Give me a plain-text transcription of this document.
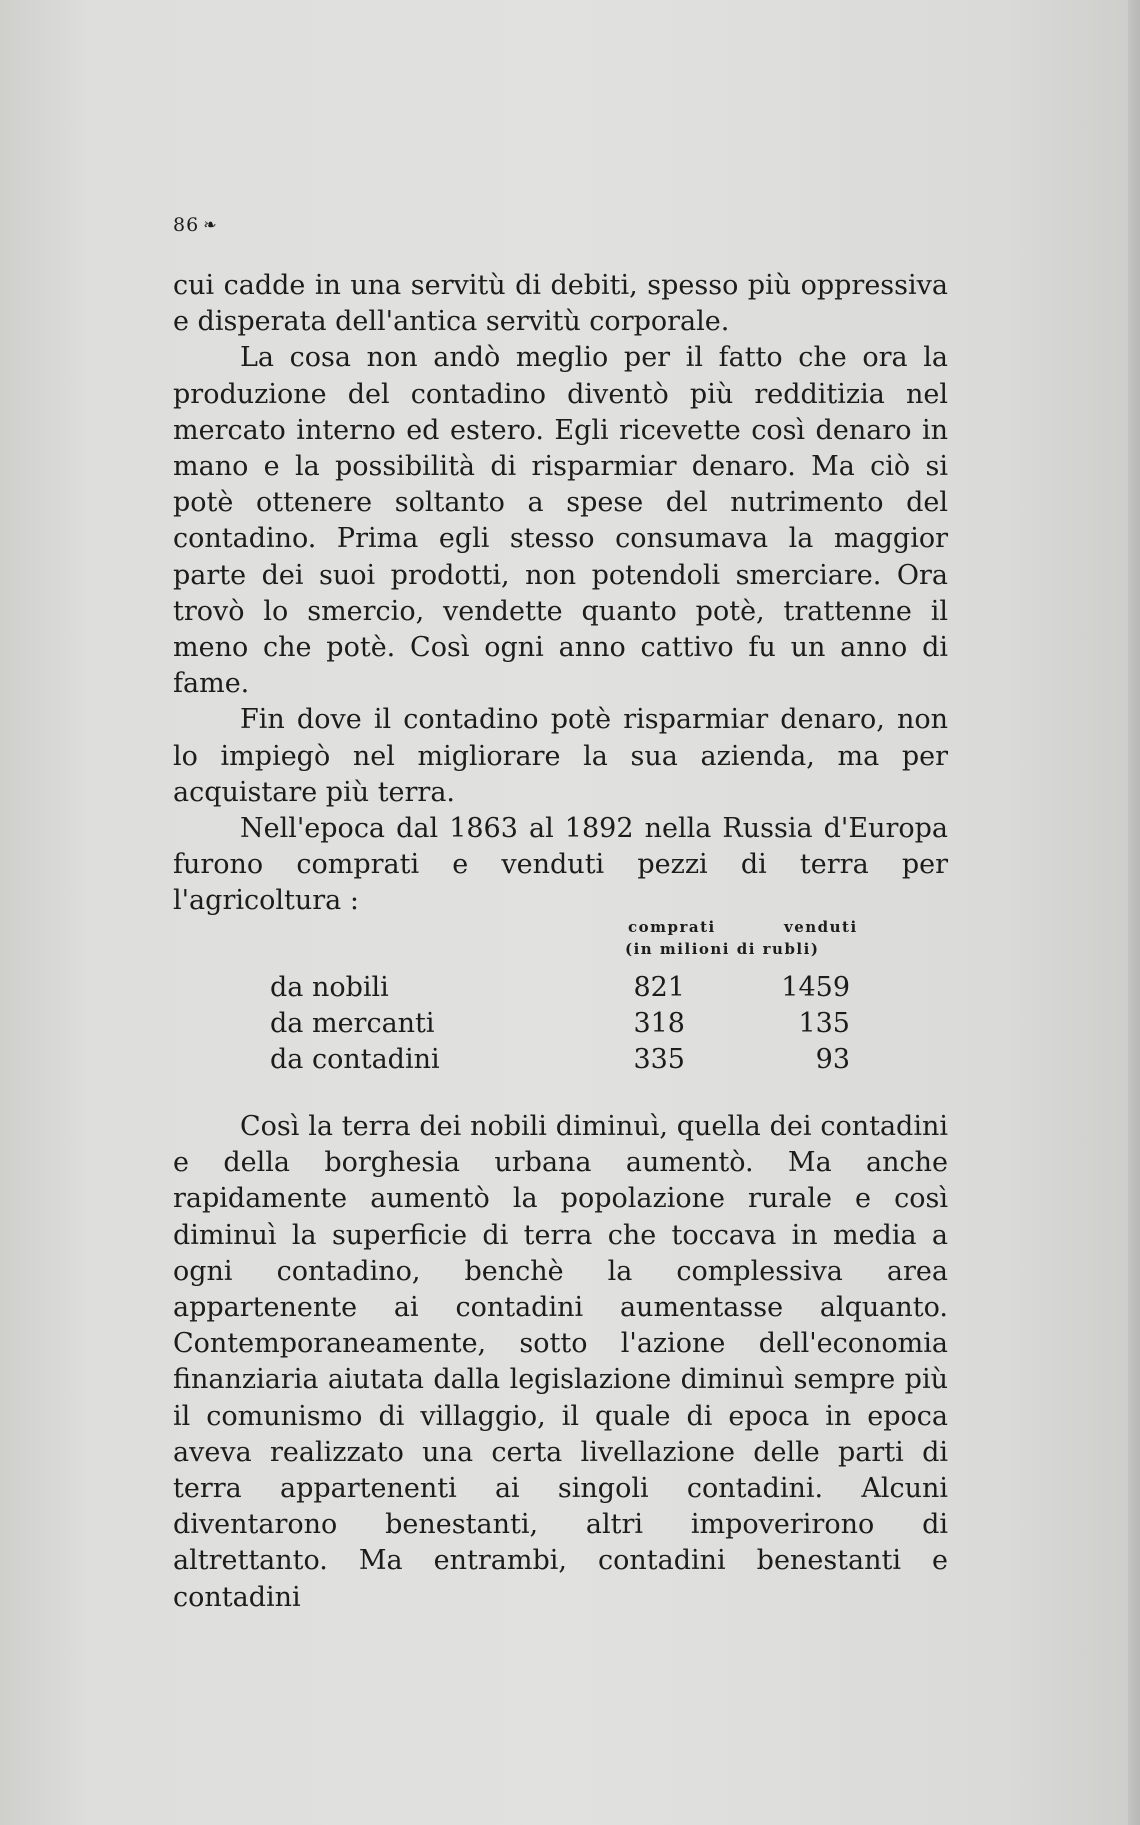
86 ❧

cui cadde in una servitù di debiti, spesso più oppressiva e disperata dell'antica servitù corporale.

La cosa non andò meglio per il fatto che ora la produzione del contadino diventò più redditizia nel mercato interno ed estero. Egli ricevette così denaro in mano e la possibilità di risparmiar denaro. Ma ciò si potè ottenere soltanto a spese del nutrimento del contadino. Prima egli stesso consumava la maggior parte dei suoi prodotti, non potendoli smerciare. Ora trovò lo smercio, vendette quanto potè, trattenne il meno che potè. Così ogni anno cattivo fu un anno di fame.

Fin dove il contadino potè risparmiar denaro, non lo impiegò nel migliorare la sua azienda, ma per acquistare più terra.

Nell'epoca dal 1863 al 1892 nella Russia d'Europa furono comprati e venduti pezzi di terra per l'agricoltura :

comprati	venduti
(in milioni di rubli)
da nobili	821	1459
da mercanti	318	135
da contadini	335	93

Così la terra dei nobili diminuì, quella dei contadini e della borghesia urbana aumentò. Ma anche rapidamente aumentò la popolazione rurale e così diminuì la superficie di terra che toccava in media a ogni contadino, benchè la complessiva area appartenente ai contadini aumentasse alquanto. Contemporaneamente, sotto l'azione dell'economia finanziaria aiutata dalla legislazione diminuì sempre più il comunismo di villaggio, il quale di epoca in epoca aveva realizzato una certa livellazione delle parti di terra appartenenti ai singoli contadini. Alcuni diventarono benestanti, altri impoverirono di altrettanto. Ma entrambi, contadini benestanti e contadini
